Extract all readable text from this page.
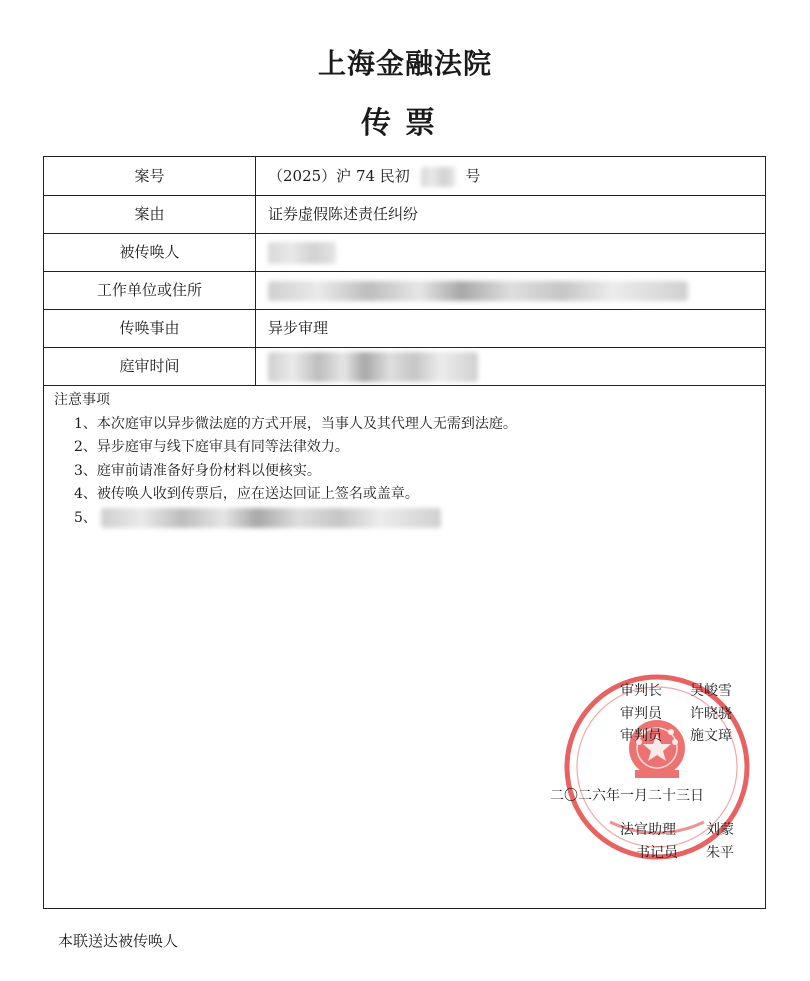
上海金融法院
传票
案号	（2025）沪 74 民初	号
案由	证券虚假陈述责任纠纷
被传唤人
工作单位或住所
传唤事由	异步审理
庭审时间
注意事项
1、本次庭审以异步微法庭的方式开展，当事人及其代理人无需到法庭。
2、异步庭审与线下庭审具有同等法律效力。
3、庭审前请准备好身份材料以便核实。
4、被传唤人收到传票后，应在送达回证上签名或盖章。
5、
审判长 吴峻雪
审判员 许晓骁
审判员 施文璋
二〇二六年一月二十三日
法官助理 刘蒙
书记员 朱平
本联送达被传唤人
